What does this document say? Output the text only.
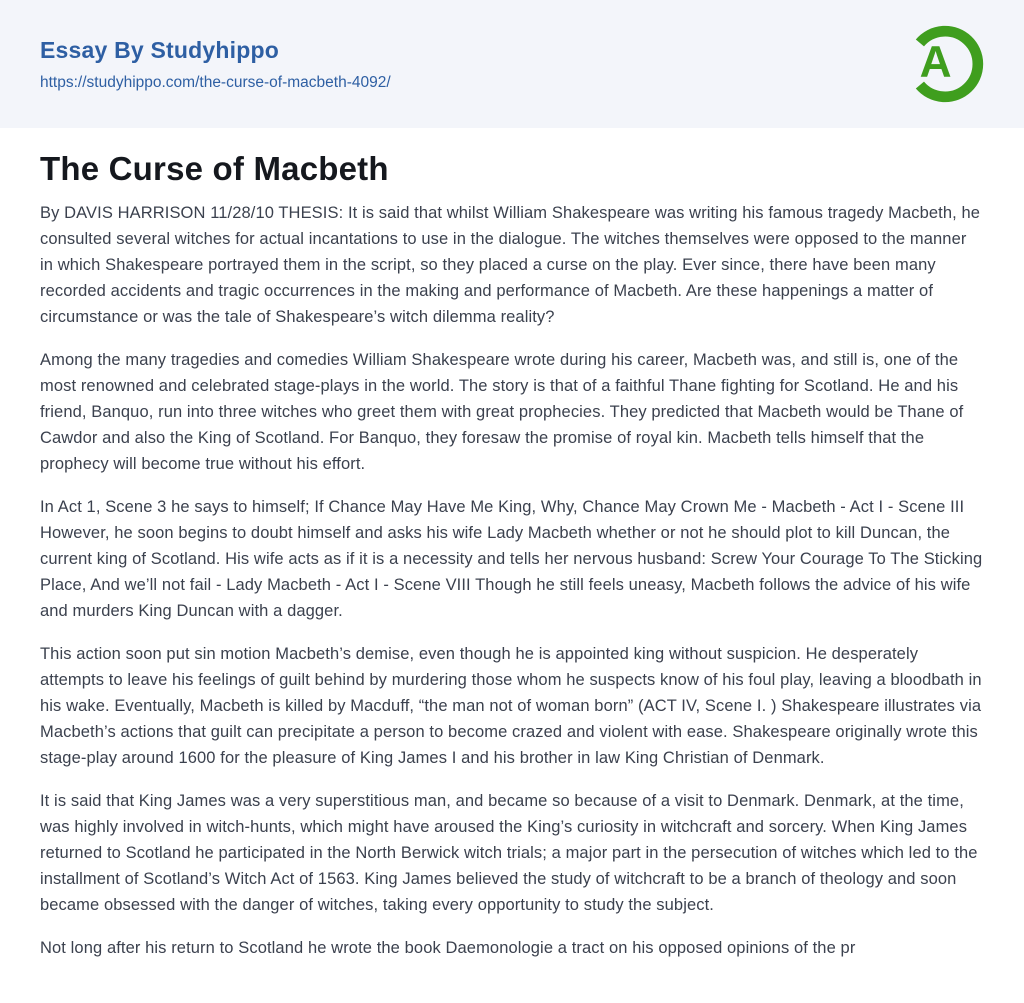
Essay By Studyhippo
https://studyhippo.com/the-curse-of-macbeth-4092/	A
The Curse of Macbeth

By DAVIS HARRISON 11/28/10 THESIS: It is said that whilst William Shakespeare was writing his famous tragedy Macbeth, he consulted several witches for actual incantations to use in the dialogue. The witches themselves were opposed to the manner in which Shakespeare portrayed them in the script, so they placed a curse on the play. Ever since, there have been many recorded accidents and tragic occurrences in the making and performance of Macbeth. Are these happenings a matter of circumstance or was the tale of Shakespeare’s witch dilemma reality?

Among the many tragedies and comedies William Shakespeare wrote during his career, Macbeth was, and still is, one of the most renowned and celebrated stage-plays in the world. The story is that of a faithful Thane fighting for Scotland. He and his friend, Banquo, run into three witches who greet them with great prophecies. They predicted that Macbeth would be Thane of Cawdor and also the King of Scotland. For Banquo, they foresaw the promise of royal kin. Macbeth tells himself that the prophecy will become true without his effort.

In Act 1, Scene 3 he says to himself; If Chance May Have Me King, Why, Chance May Crown Me - Macbeth - Act I - Scene III However, he soon begins to doubt himself and asks his wife Lady Macbeth whether or not he should plot to kill Duncan, the current king of Scotland. His wife acts as if it is a necessity and tells her nervous husband: Screw Your Courage To The Sticking Place, And we’ll not fail - Lady Macbeth - Act I - Scene VIII Though he still feels uneasy, Macbeth follows the advice of his wife and murders King Duncan with a dagger.

This action soon put sin motion Macbeth’s demise, even though he is appointed king without suspicion. He desperately attempts to leave his feelings of guilt behind by murdering those whom he suspects know of his foul play, leaving a bloodbath in his wake. Eventually, Macbeth is killed by Macduff, “the man not of woman born” (ACT IV, Scene I. ) Shakespeare illustrates via Macbeth’s actions that guilt can precipitate a person to become crazed and violent with ease. Shakespeare originally wrote this stage-play around 1600 for the pleasure of King James I and his brother in law King Christian of Denmark.

It is said that King James was a very superstitious man, and became so because of a visit to Denmark. Denmark, at the time, was highly involved in witch-hunts, which might have aroused the King’s curiosity in witchcraft and sorcery. When King James returned to Scotland he participated in the North Berwick witch trials; a major part in the persecution of witches which led to the installment of Scotland’s Witch Act of 1563. King James believed the study of witchcraft to be a branch of theology and soon became obsessed with the danger of witches, taking every opportunity to study the subject.

Not long after his return to Scotland he wrote the book Daemonologie a tract on his opposed opinions of the pr
